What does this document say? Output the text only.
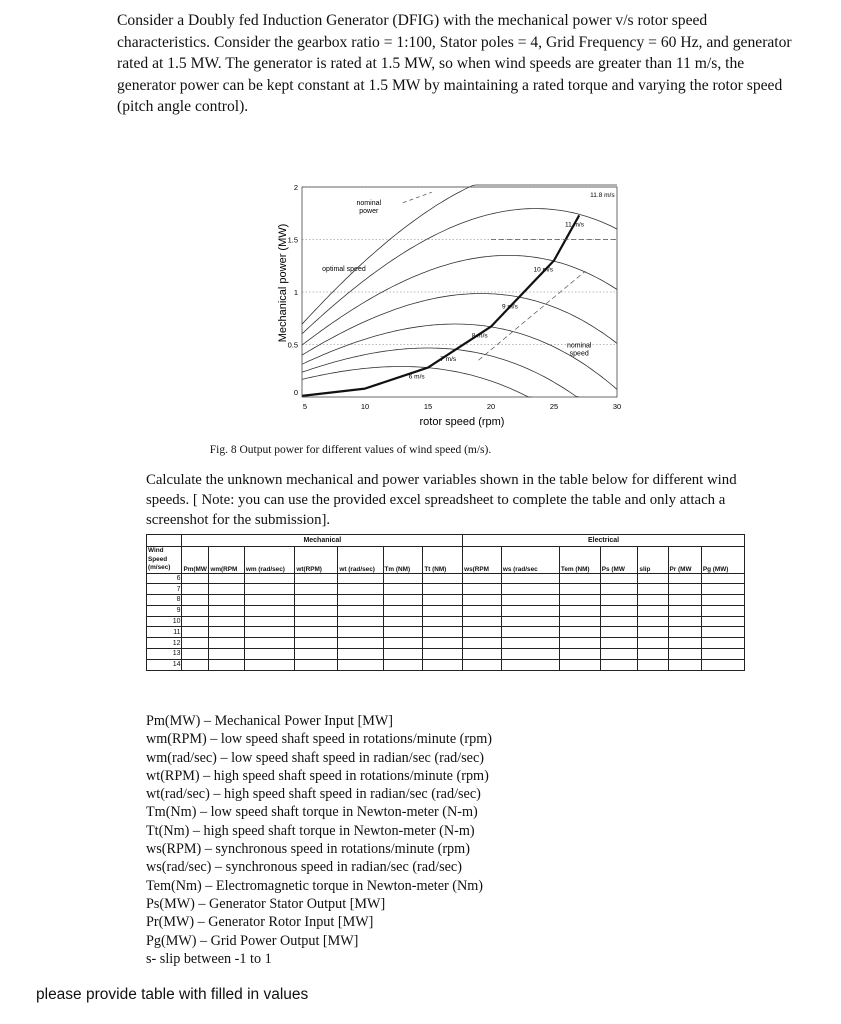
Consider a Doubly fed Induction Generator (DFIG) with the mechanical power v/s rotor speed characteristics. Consider the gearbox ratio = 1:100, Stator poles = 4, Grid Frequency = 60 Hz, and generator rated at 1.5 MW. The generator is rated at 1.5 MW, so when wind speeds are greater than 11 m/s, the generator power can be kept constant at 1.5 MW by maintaining a rated torque and varying the rotor speed (pitch angle control).
5	10	15	20	25	30
0
0.5
1
1.5
2
rotor speed (rpm)
Mechanical power (MW)
6 m/s
7 m/s
8 m/s
9 m/s
10 m/s
11 m/s
11.8 m/s
nominal
power
optimal speed
nominal
speed
Fig. 8 Output power for different values of wind speed (m/s).
Calculate the unknown mechanical and power variables shown in the table below for different wind speeds. [ Note: you can use the provided excel spreadsheet to complete the table and only attach a screenshot for the submission].
	Mechanical							Electrical						

Wind
Speed
(m/sec)	Pm(MW	wm(RPM	wm (rad/sec)	wt(RPM)	wt (rad/sec)	Tm (NM)	Tt (NM)	ws(RPM	ws (rad/sec	Tem (NM)	Ps (MW	slip	Pr (MW	Pg (MW)
6														
7														
8														
9														
10														
11														
12														
13														
14														
Pm(MW) – Mechanical Power Input [MW]
wm(RPM) – low speed shaft speed in rotations/minute (rpm)
wm(rad/sec) – low speed shaft speed in radian/sec (rad/sec)
wt(RPM) – high speed shaft speed in rotations/minute (rpm)
wt(rad/sec) – high speed shaft speed in radian/sec (rad/sec)
Tm(Nm) – low speed shaft torque in Newton-meter (N-m)
Tt(Nm) – high speed shaft torque in Newton-meter (N-m)
ws(RPM) – synchronous speed in rotations/minute (rpm)
ws(rad/sec) – synchronous speed in radian/sec (rad/sec)
Tem(Nm) – Electromagnetic torque in Newton-meter (Nm)
Ps(MW) – Generator Stator Output [MW]
Pr(MW) – Generator Rotor Input [MW]
Pg(MW) – Grid Power Output [MW]
s- slip between -1 to 1
please provide table with filled in values
